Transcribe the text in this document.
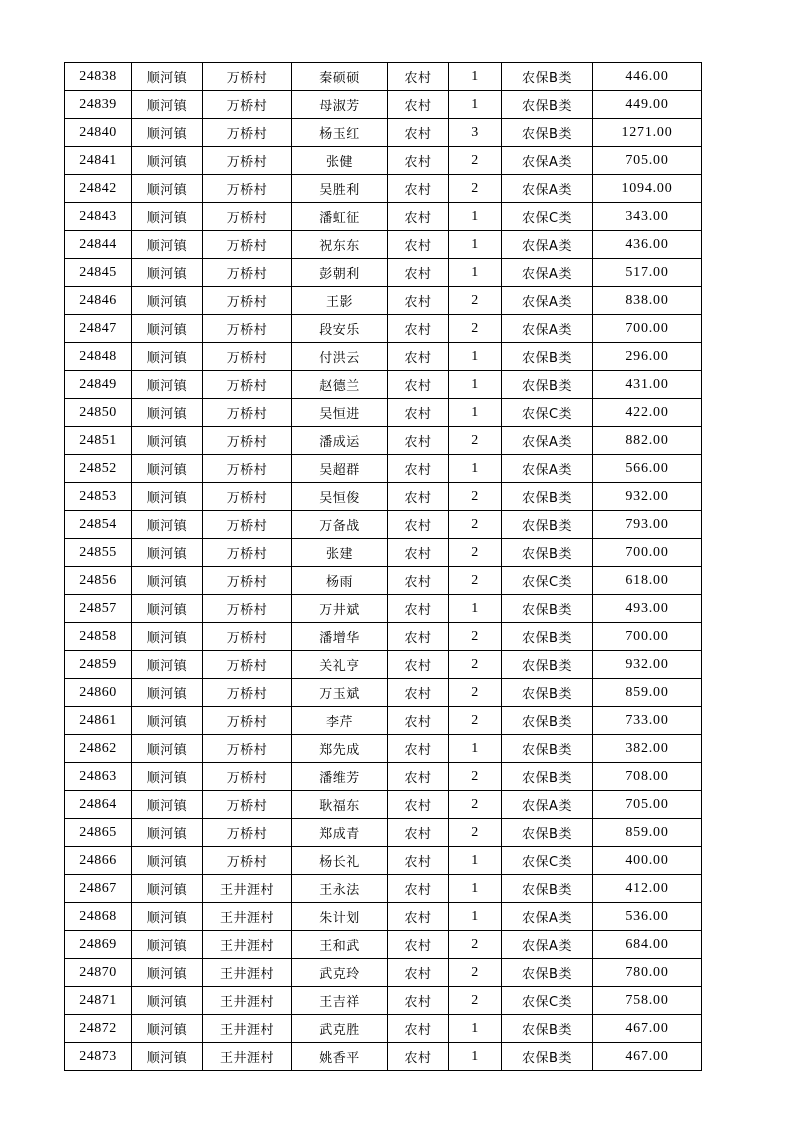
24838	顺河镇	万桥村	秦硕硕	农村	1	农保B类	446.00
24839	顺河镇	万桥村	母淑芳	农村	1	农保B类	449.00
24840	顺河镇	万桥村	杨玉红	农村	3	农保B类	1271.00
24841	顺河镇	万桥村	张健	农村	2	农保A类	705.00
24842	顺河镇	万桥村	吴胜利	农村	2	农保A类	1094.00
24843	顺河镇	万桥村	潘虹征	农村	1	农保C类	343.00
24844	顺河镇	万桥村	祝东东	农村	1	农保A类	436.00
24845	顺河镇	万桥村	彭朝利	农村	1	农保A类	517.00
24846	顺河镇	万桥村	王影	农村	2	农保A类	838.00
24847	顺河镇	万桥村	段安乐	农村	2	农保A类	700.00
24848	顺河镇	万桥村	付洪云	农村	1	农保B类	296.00
24849	顺河镇	万桥村	赵德兰	农村	1	农保B类	431.00
24850	顺河镇	万桥村	吴恒进	农村	1	农保C类	422.00
24851	顺河镇	万桥村	潘成运	农村	2	农保A类	882.00
24852	顺河镇	万桥村	吴超群	农村	1	农保A类	566.00
24853	顺河镇	万桥村	吴恒俊	农村	2	农保B类	932.00
24854	顺河镇	万桥村	万备战	农村	2	农保B类	793.00
24855	顺河镇	万桥村	张建	农村	2	农保B类	700.00
24856	顺河镇	万桥村	杨雨	农村	2	农保C类	618.00
24857	顺河镇	万桥村	万井斌	农村	1	农保B类	493.00
24858	顺河镇	万桥村	潘增华	农村	2	农保B类	700.00
24859	顺河镇	万桥村	关礼亨	农村	2	农保B类	932.00
24860	顺河镇	万桥村	万玉斌	农村	2	农保B类	859.00
24861	顺河镇	万桥村	李芹	农村	2	农保B类	733.00
24862	顺河镇	万桥村	郑先成	农村	1	农保B类	382.00
24863	顺河镇	万桥村	潘维芳	农村	2	农保B类	708.00
24864	顺河镇	万桥村	耿福东	农村	2	农保A类	705.00
24865	顺河镇	万桥村	郑成青	农村	2	农保B类	859.00
24866	顺河镇	万桥村	杨长礼	农村	1	农保C类	400.00
24867	顺河镇	王井涯村	王永法	农村	1	农保B类	412.00
24868	顺河镇	王井涯村	朱计划	农村	1	农保A类	536.00
24869	顺河镇	王井涯村	王和武	农村	2	农保A类	684.00
24870	顺河镇	王井涯村	武克玲	农村	2	农保B类	780.00
24871	顺河镇	王井涯村	王吉祥	农村	2	农保C类	758.00
24872	顺河镇	王井涯村	武克胜	农村	1	农保B类	467.00
24873	顺河镇	王井涯村	姚香平	农村	1	农保B类	467.00
